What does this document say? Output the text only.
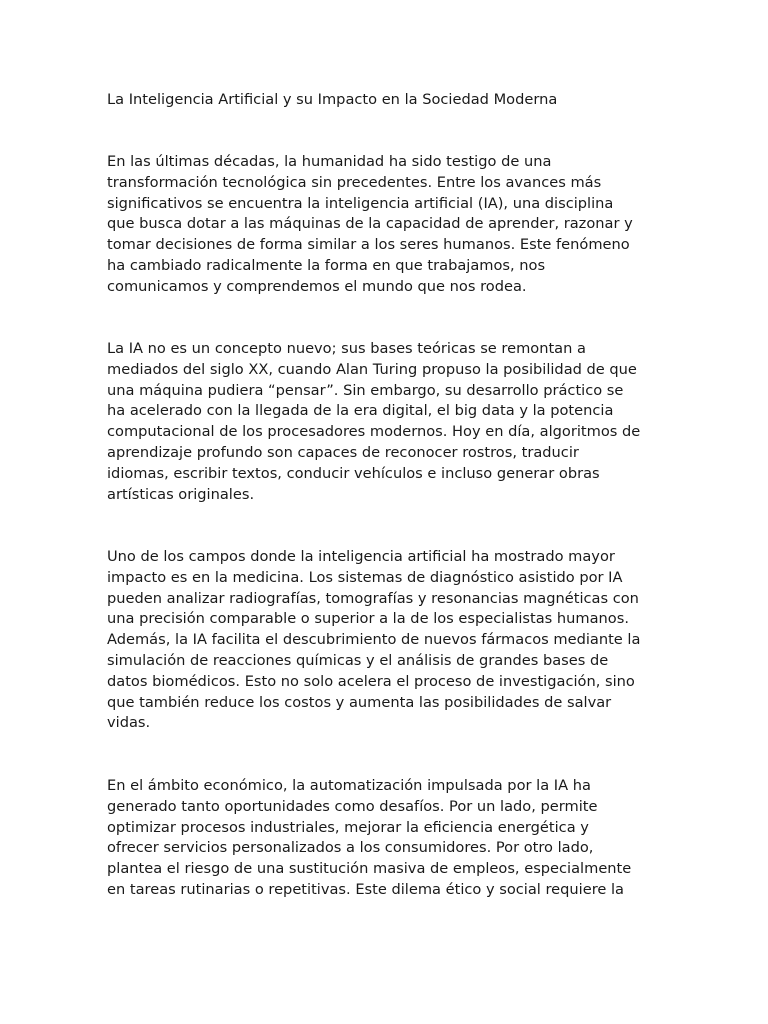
La Inteligencia Artificial y su Impacto en la Sociedad Moderna

En las últimas décadas, la humanidad ha sido testigo de una
transformación tecnológica sin precedentes. Entre los avances más
significativos se encuentra la inteligencia artificial (IA), una disciplina
que busca dotar a las máquinas de la capacidad de aprender, razonar y
tomar decisiones de forma similar a los seres humanos. Este fenómeno
ha cambiado radicalmente la forma en que trabajamos, nos
comunicamos y comprendemos el mundo que nos rodea.

La IA no es un concepto nuevo; sus bases teóricas se remontan a
mediados del siglo XX, cuando Alan Turing propuso la posibilidad de que
una máquina pudiera “pensar”. Sin embargo, su desarrollo práctico se
ha acelerado con la llegada de la era digital, el big data y la potencia
computacional de los procesadores modernos. Hoy en día, algoritmos de
aprendizaje profundo son capaces de reconocer rostros, traducir
idiomas, escribir textos, conducir vehículos e incluso generar obras
artísticas originales.

Uno de los campos donde la inteligencia artificial ha mostrado mayor
impacto es en la medicina. Los sistemas de diagnóstico asistido por IA
pueden analizar radiografías, tomografías y resonancias magnéticas con
una precisión comparable o superior a la de los especialistas humanos.
Además, la IA facilita el descubrimiento de nuevos fármacos mediante la
simulación de reacciones químicas y el análisis de grandes bases de
datos biomédicos. Esto no solo acelera el proceso de investigación, sino
que también reduce los costos y aumenta las posibilidades de salvar
vidas.

En el ámbito económico, la automatización impulsada por la IA ha
generado tanto oportunidades como desafíos. Por un lado, permite
optimizar procesos industriales, mejorar la eficiencia energética y
ofrecer servicios personalizados a los consumidores. Por otro lado,
plantea el riesgo de una sustitución masiva de empleos, especialmente
en tareas rutinarias o repetitivas. Este dilema ético y social requiere la
